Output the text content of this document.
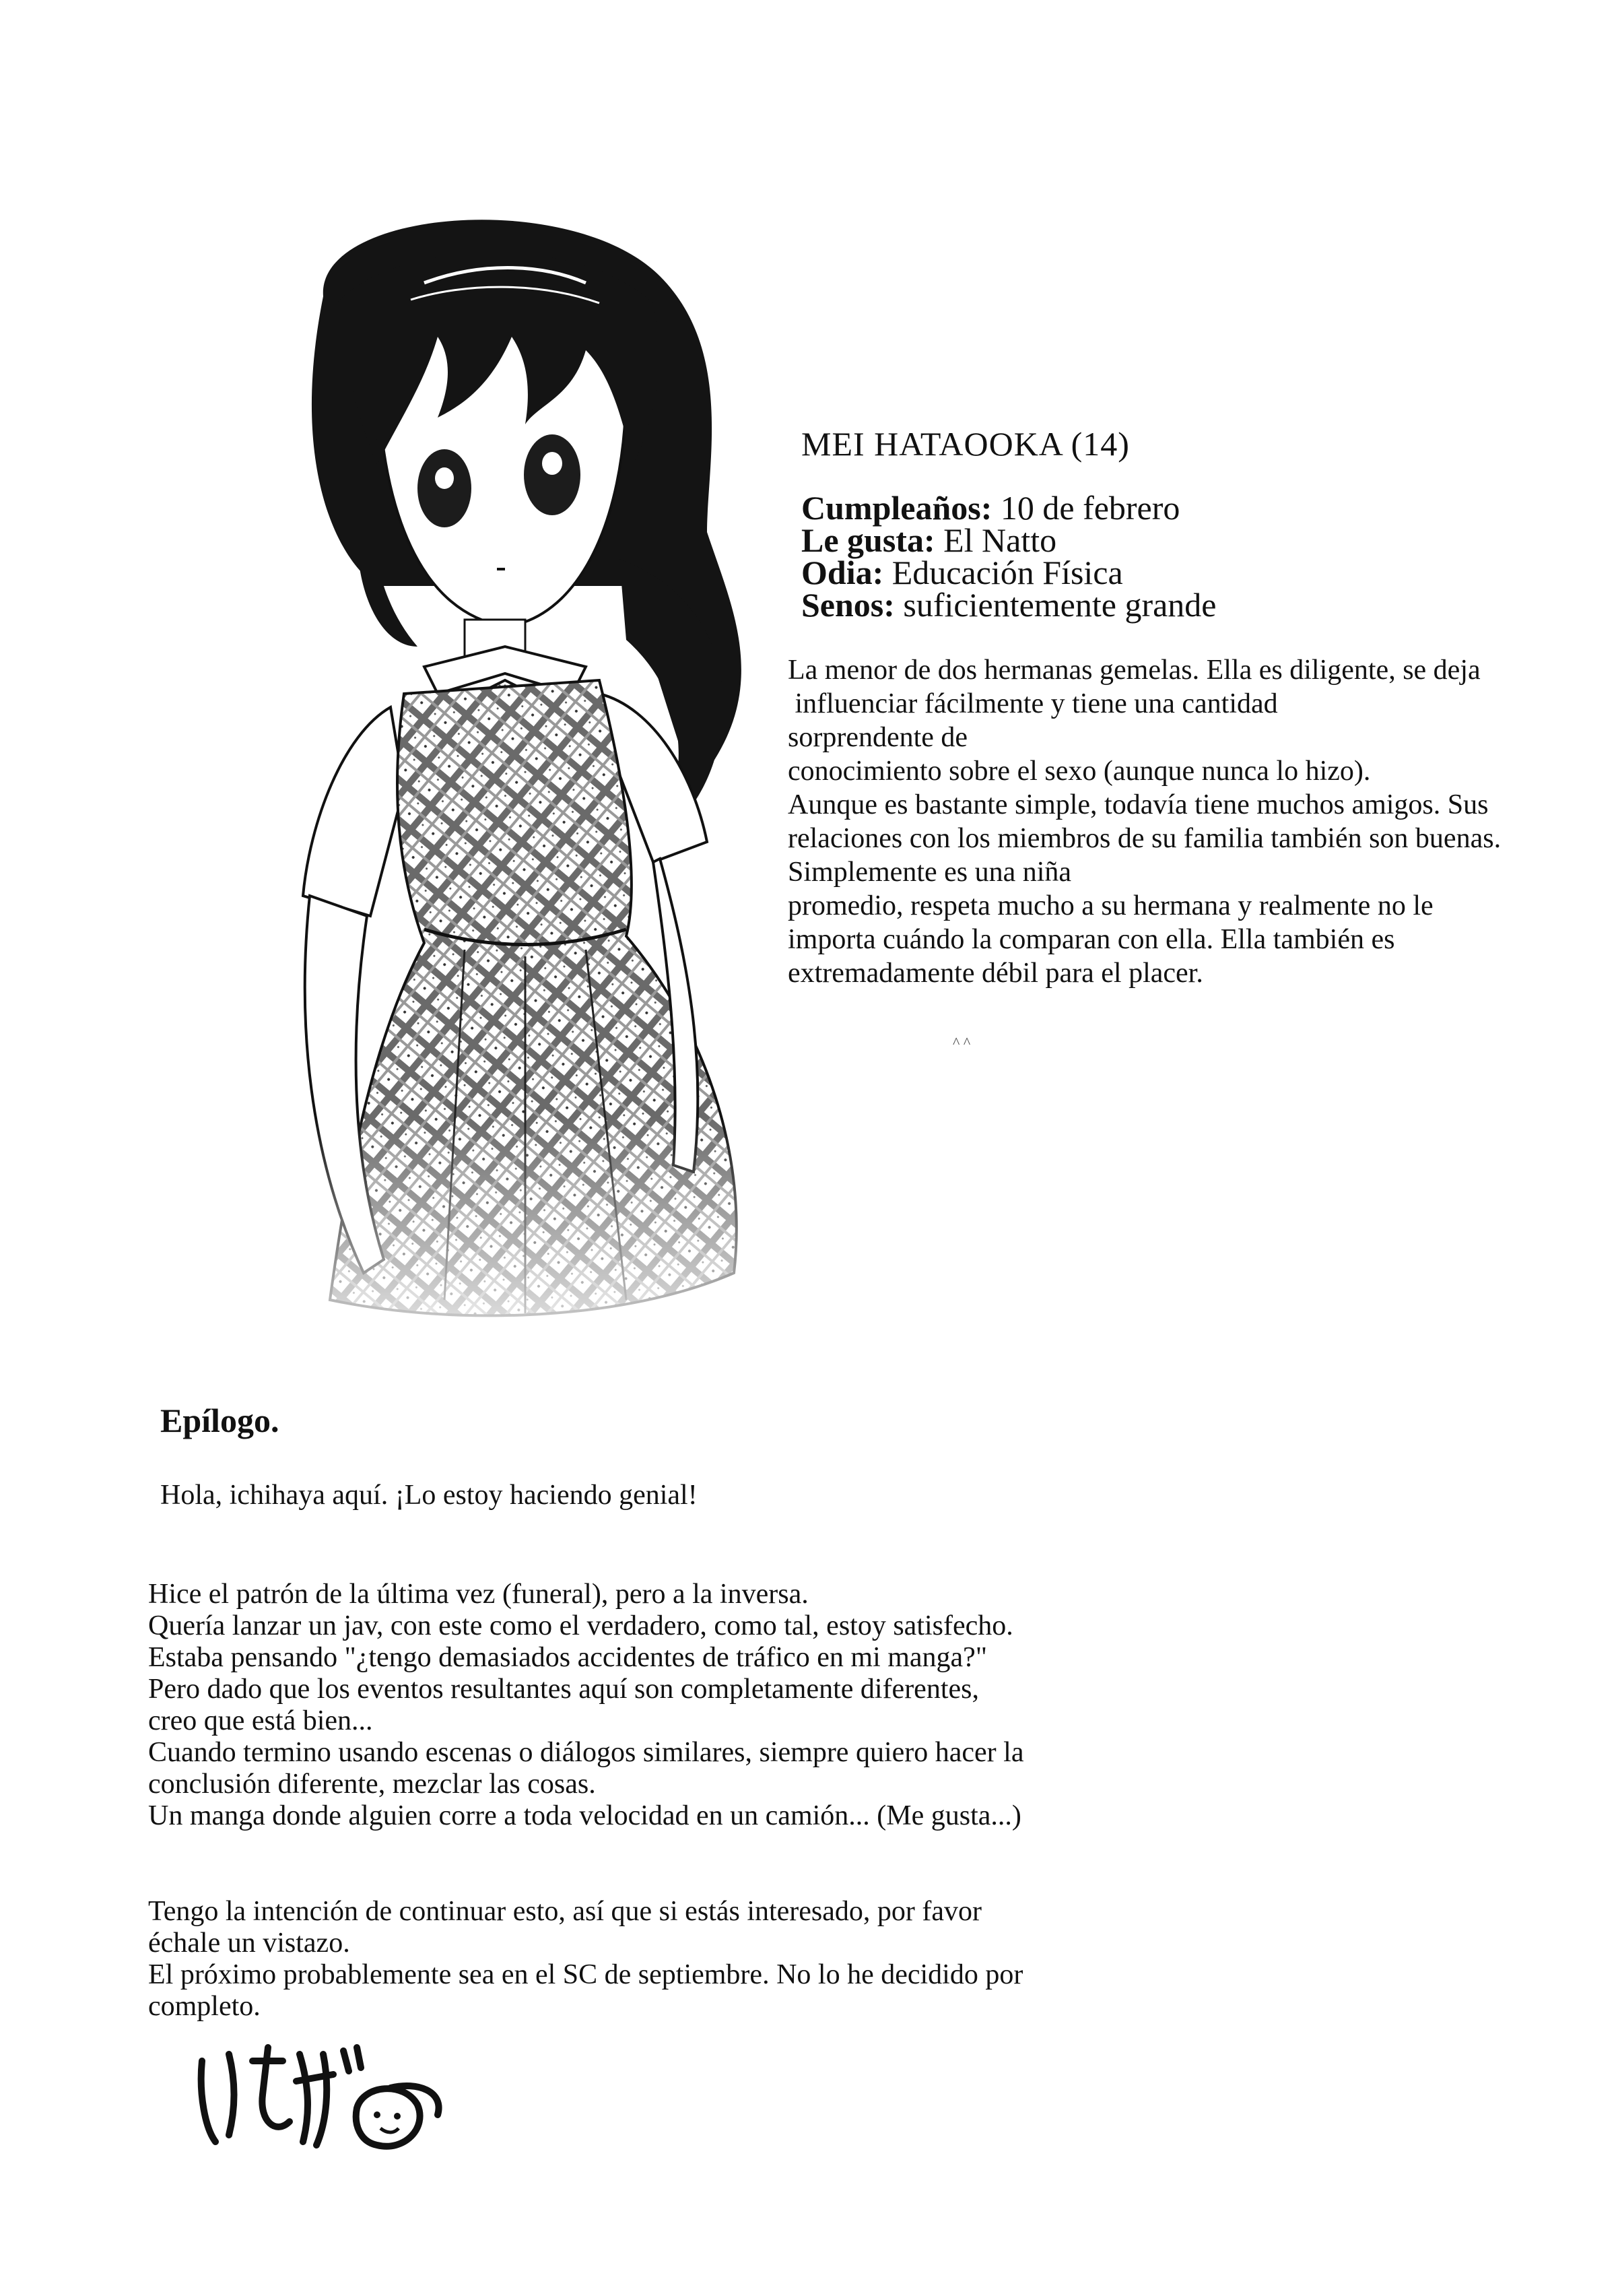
MEI HATAOOKA (14)
Cumpleaños: 10 de febrero
Le gusta: El Natto
Odia: Educación Física
Senos: suficientemente grande

La menor de dos hermanas gemelas. Ella es diligente, se deja
influenciar fácilmente y tiene una cantidad
sorprendente de
conocimiento sobre el sexo (aunque nunca lo hizo).
Aunque es bastante simple, todavía tiene muchos amigos. Sus
relaciones con los miembros de su familia también son buenas.
Simplemente es una niña
promedio, respeta mucho a su hermana y realmente no le
importa cuándo la comparan con ella. Ella también es
extremadamente débil para el placer.

^ ^
Epílogo.

Hola, ichihaya aquí. ¡Lo estoy haciendo genial!

Hice el patrón de la última vez (funeral), pero a la inversa.
Quería lanzar un jav, con este como el verdadero, como tal, estoy satisfecho.
Estaba pensando "¿tengo demasiados accidentes de tráfico en mi manga?"
Pero dado que los eventos resultantes aquí son completamente diferentes,
creo que está bien...
Cuando termino usando escenas o diálogos similares, siempre quiero hacer la
conclusión diferente, mezclar las cosas.
Un manga donde alguien corre a toda velocidad en un camión... (Me gusta...)

Tengo la intención de continuar esto, así que si estás interesado, por favor
échale un vistazo.
El próximo probablemente sea en el SC de septiembre. No lo he decidido por
completo.
